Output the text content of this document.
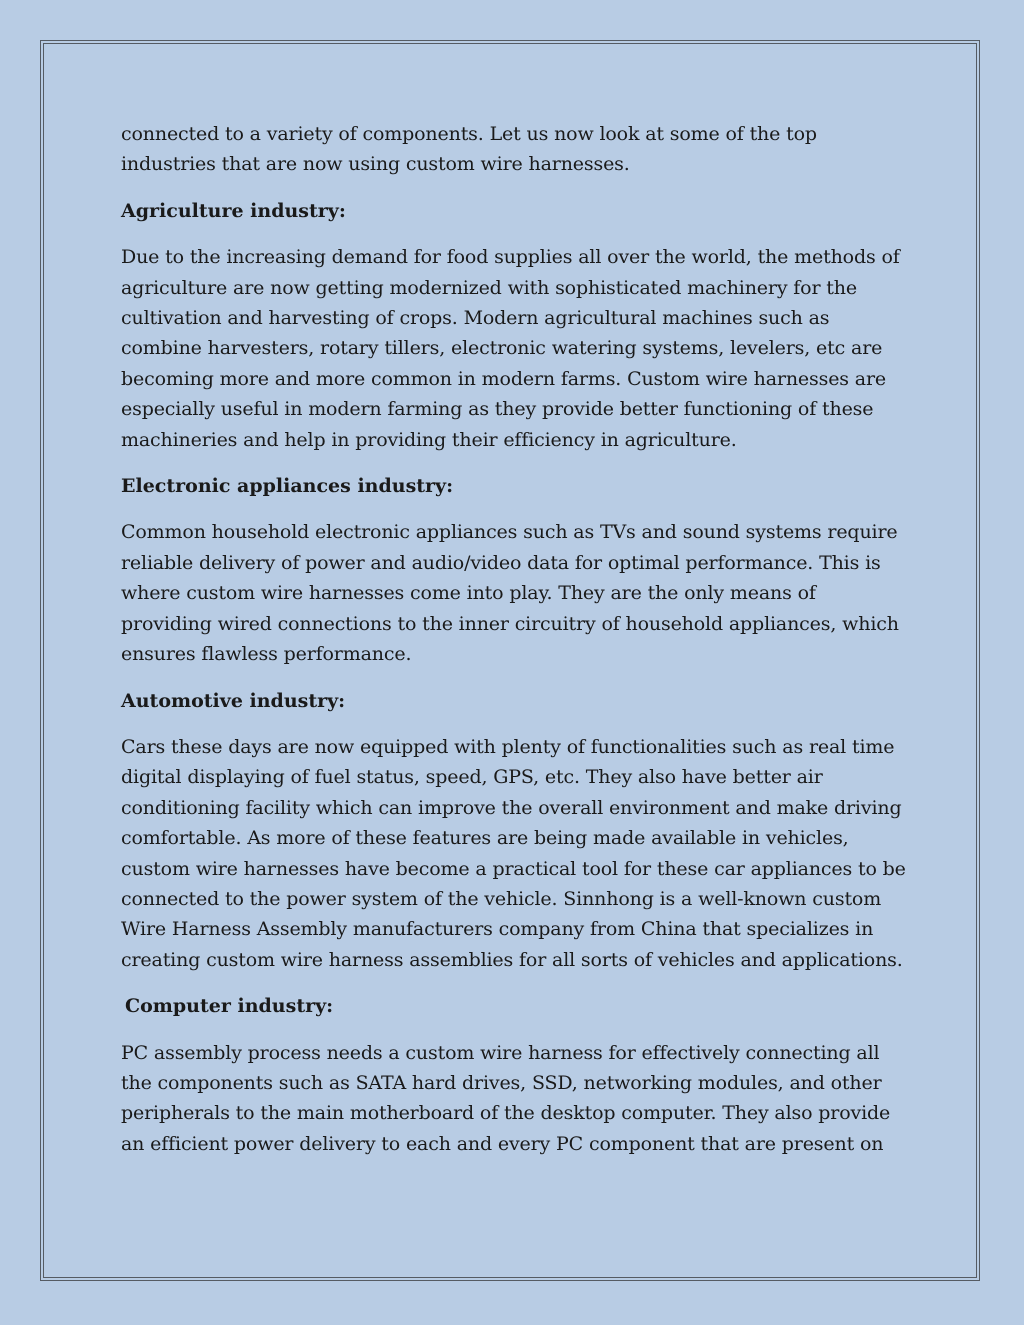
connected to a variety of components. Let us now look at some of the top industries that are now using custom wire harnesses.

Agriculture industry:

Due to the increasing demand for food supplies all over the world, the methods of agriculture are now getting modernized with sophisticated machinery for the cultivation and harvesting of crops. Modern agricultural machines such as combine harvesters, rotary tillers, electronic watering systems, levelers, etc are becoming more and more common in modern farms. Custom wire harnesses are especially useful in modern farming as they provide better functioning of these machineries and help in providing their efficiency in agriculture.

Electronic appliances industry:

Common household electronic appliances such as TVs and sound systems require reliable delivery of power and audio/video data for optimal performance. This is where custom wire harnesses come into play. They are the only means of providing wired connections to the inner circuitry of household appliances, which ensures flawless performance.

Automotive industry:

Cars these days are now equipped with plenty of functionalities such as real time digital displaying of fuel status, speed, GPS, etc. They also have better air conditioning facility which can improve the overall environment and make driving comfortable. As more of these features are being made available in vehicles, custom wire harnesses have become a practical tool for these car appliances to be connected to the power system of the vehicle. Sinnhong is a well-known custom Wire Harness Assembly manufacturers company from China that specializes in creating custom wire harness assemblies for all sorts of vehicles and applications.

Computer industry:

PC assembly process needs a custom wire harness for effectively connecting all the components such as SATA hard drives, SSD, networking modules, and other peripherals to the main motherboard of the desktop computer. They also provide an efficient power delivery to each and every PC component that are present on
